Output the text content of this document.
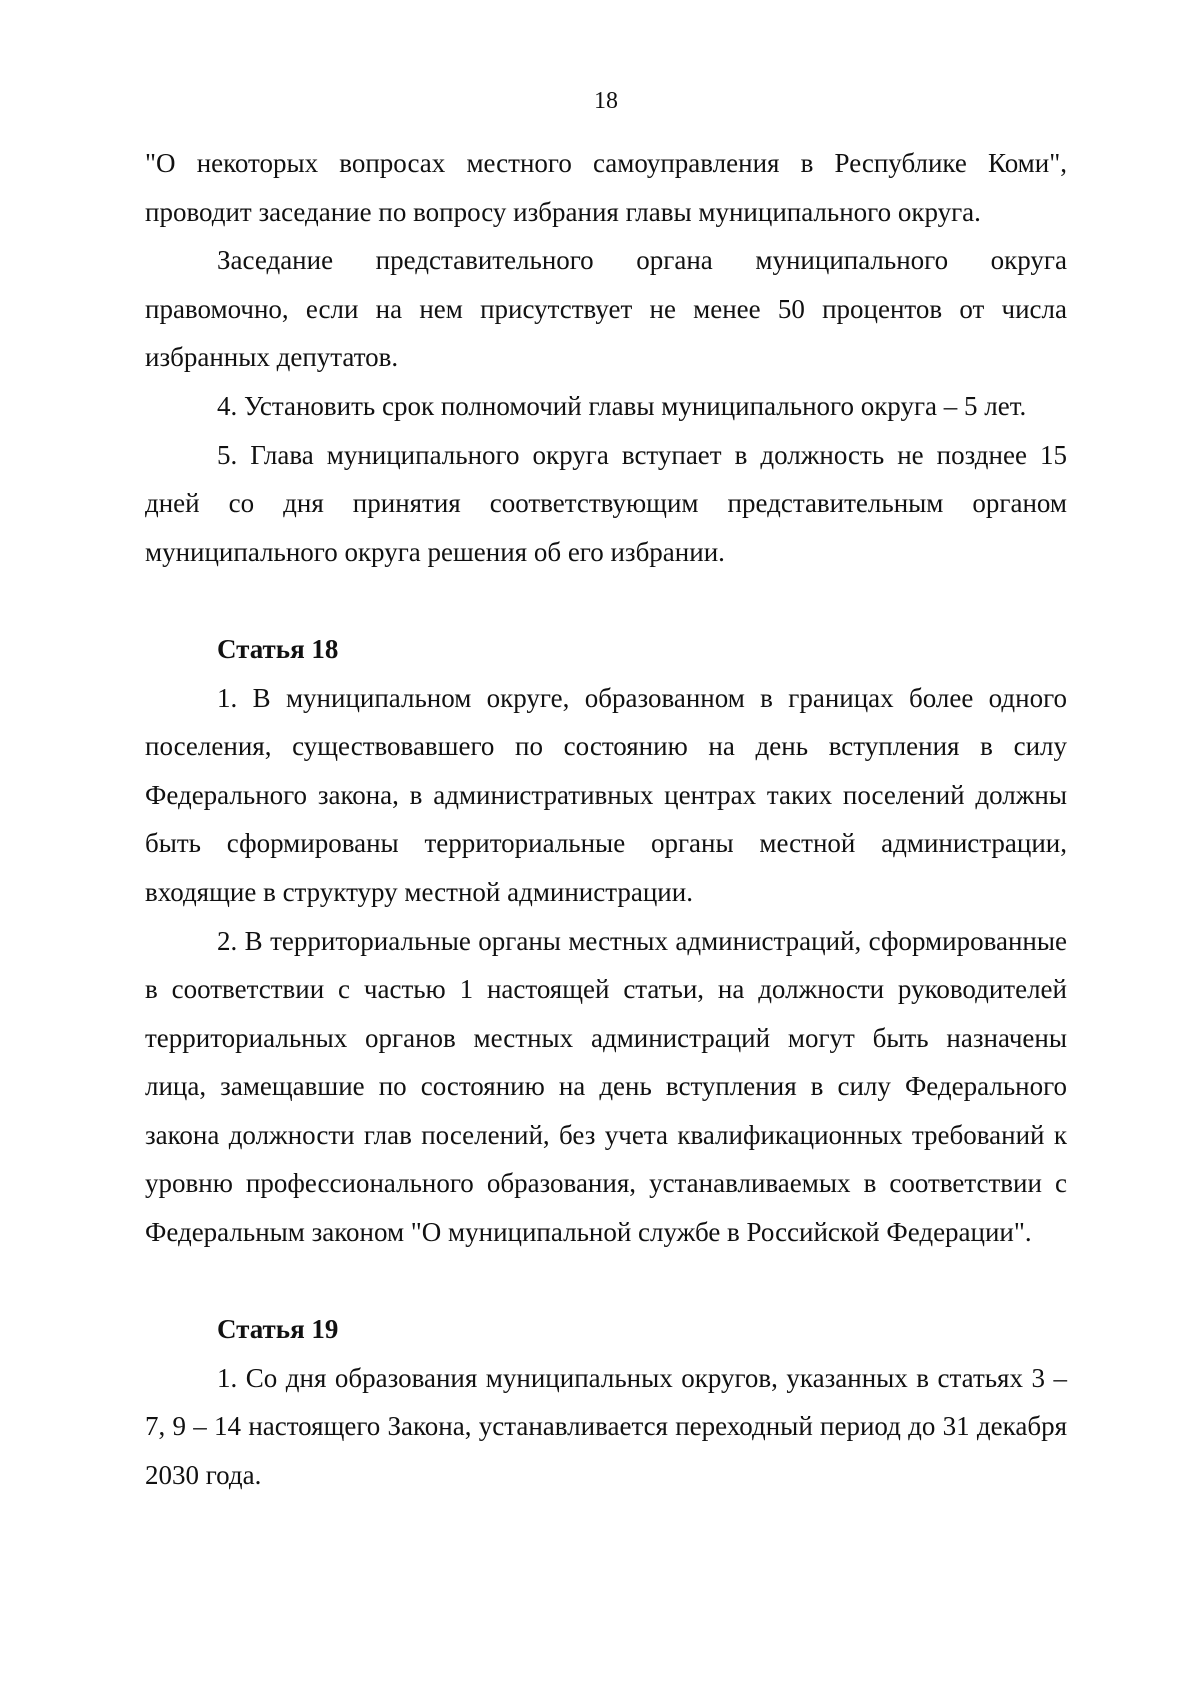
18

"О некоторых вопросах местного самоуправления в Республике Коми", проводит заседание по вопросу избрания главы муниципального округа.

Заседание представительного органа муниципального округа правомочно, если на нем присутствует не менее 50 процентов от числа избранных депутатов.

4. Установить срок полномочий главы муниципального округа – 5 лет.

5. Глава муниципального округа вступает в должность не позднее 15 дней со дня принятия соответствующим представительным органом муниципального округа решения об его избрании.

Статья 18

1. В муниципальном округе, образованном в границах более одного поселения, существовавшего по состоянию на день вступления в силу Федерального закона, в административных центрах таких поселений должны быть сформированы территориальные органы местной администрации, входящие в структуру местной администрации.

2. В территориальные органы местных администраций, сформированные в соответствии с частью 1 настоящей статьи, на должности руководителей территориальных органов местных администраций могут быть назначены лица, замещавшие по состоянию на день вступления в силу Федерального закона должности глав поселений, без учета квалификационных требований к уровню профессионального образования, устанавливаемых в соответствии с Федеральным законом "О муниципальной службе в Российской Федерации".

Статья 19

1. Со дня образования муниципальных округов, указанных в статьях 3 – 7, 9 – 14 настоящего Закона, устанавливается переходный период до 31 декабря 2030 года.
